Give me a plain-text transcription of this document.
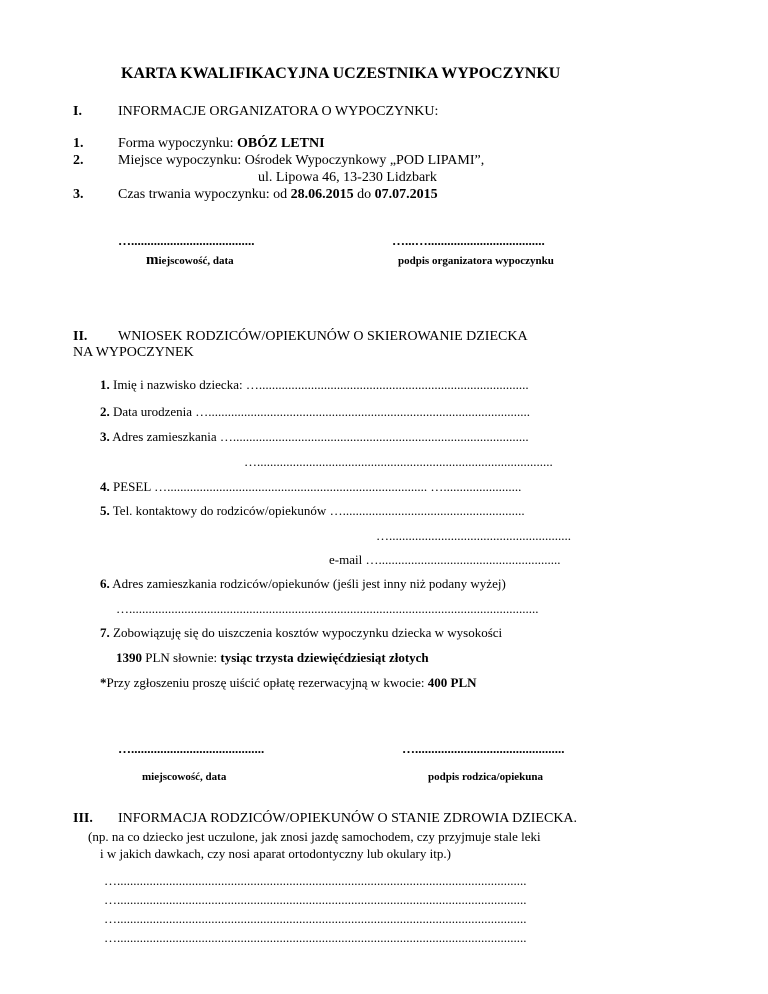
KARTA KWALIFIKACYJNA UCZESTNIKA WYPOCZYNKU
I.	INFORMACJE ORGANIZATORA O WYPOCZYNKU:
1. Forma wypoczynku: OBÓZ LETNI
2. Miejsce wypoczynku: Ośrodek Wypoczynkowy „POD LIPAMI”,
ul. Lipowa 46, 13-230 Lidzbark
3. Czas trwania wypoczynku: od 28.06.2015 do 07.07.2015
…......................................	…...…....................................
miejscowość, data	podpis organizatora wypoczynku
II. WNIOSEK RODZICÓW/OPIEKUNÓW O SKIEROWANIE DZIECKA
NA WYPOCZYNEK
1. Imię i nazwisko dziecka: …...................................................................................
2. Data urodzenia …...................................................................................................
3. Adres zamieszkania …...........................................................................................
…...........................................................................................
4. PESEL …................................................................................ …........................
5. Tel. kontaktowy do rodziców/opiekunów …........................................................
…........................................................
e-mail …........................................................
6. Adres zamieszkania rodziców/opiekunów (jeśli jest inny niż podany wyżej)
…..............................................................................................................................
7. Zobowiązuję się do uiszczenia kosztów wypoczynku dziecka w wysokości
1390 PLN słownie: tysiąc trzysta dziewięćdziesiąt złotych
*Przy zgłoszeniu proszę uiścić opłatę rezerwacyjną w kwocie: 400 PLN
….........................................	…..............................................
miejscowość, data	podpis rodzica/opiekuna
III. INFORMACJA RODZICÓW/OPIEKUNÓW O STANIE ZDROWIA DZIECKA.
(np. na co dziecko jest uczulone, jak znosi jazdę samochodem, czy przyjmuje stale leki
i w jakich dawkach, czy nosi aparat ortodontyczny lub okulary itp.)
…..............................................................................................................................
…..............................................................................................................................
…..............................................................................................................................
…..............................................................................................................................
